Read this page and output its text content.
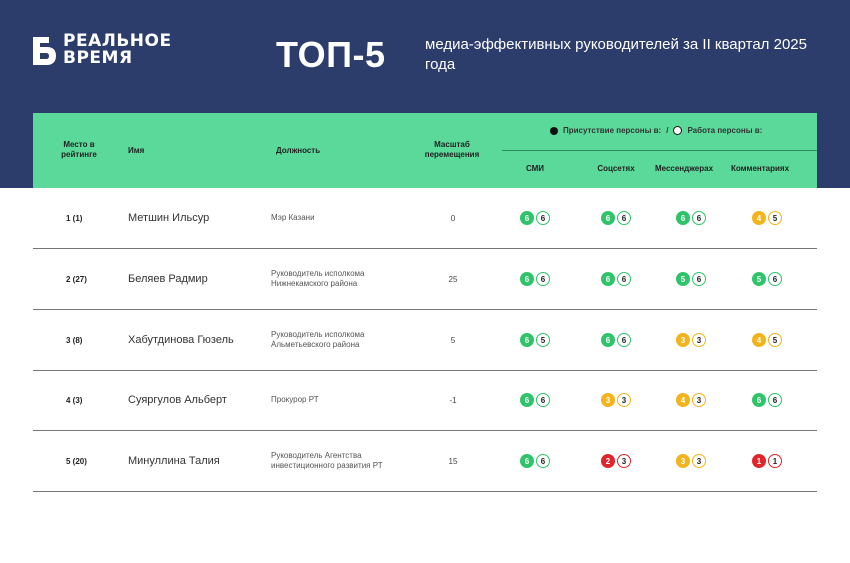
РЕАЛЬНОЕ
ВРЕМЯ	ТОП-5	медиа-эффективных руководителей за II квартал 2025 года
Место в рейтинге	Имя	Должность
Масштаб перемещения
СМИ	Соцсетях	Мессенджерах	Комментариях
Присутствие персоны в: / Работа персоны в:
1 (1)	Метшин Ильсур	Мэр Казани	0	6	6	6	6	6	6	4	5
2 (27)	Беляев Радмир	Руководитель исполкома Нижнекамского района	25	6	6	6	6	5	6	5	6
3 (8)	Хабутдинова Гюзель	Руководитель исполкома Альметьевского района	5	6	5	6	6	3	3	4	5
4 (3)	Суяргулов Альберт	Прокурор РТ	-1	6	6	3	3	4	3	6	6
5 (20)	Минуллина Талия	Руководитель Агентства инвестиционного развития РТ	15	6	6	2	3	3	3	1	1
